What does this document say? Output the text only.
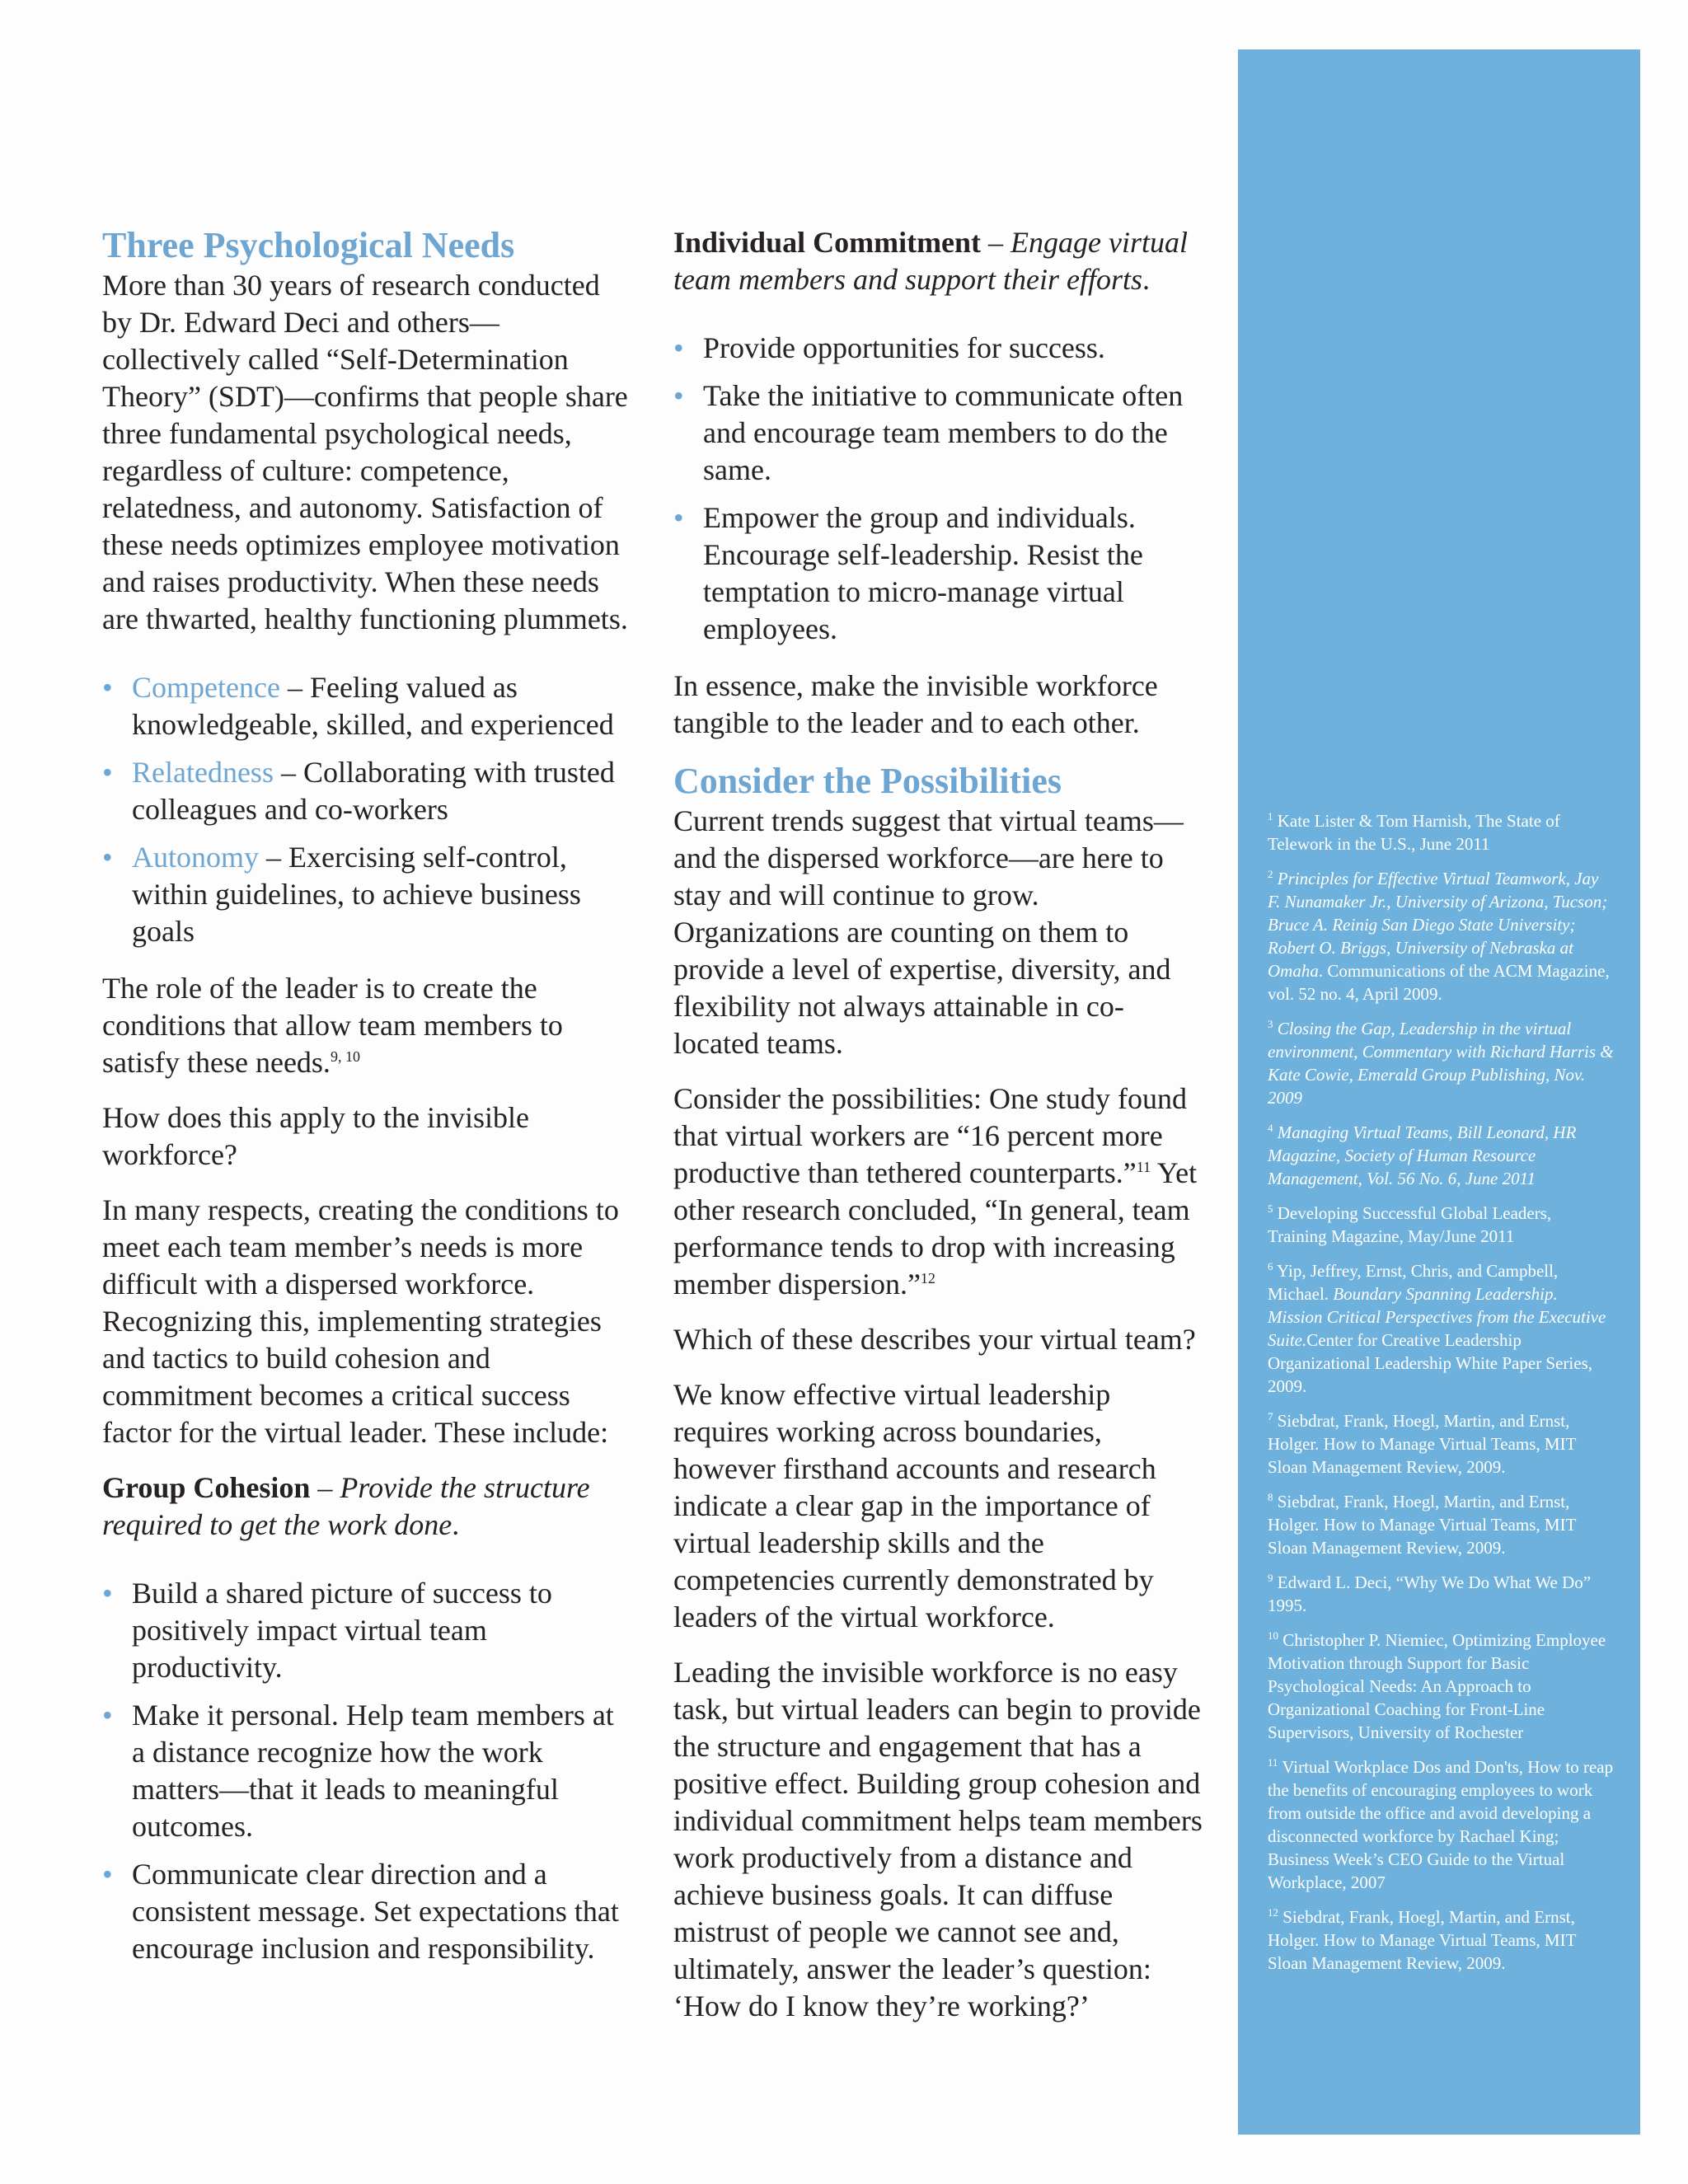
Three Psychological Needs

More than 30 years of research conducted by Dr. Edward Deci and others—collectively called “Self-Determination Theory” (SDT)—confirms that people share three fundamental psychological needs, regardless of culture: competence, relatedness, and autonomy. Satisfaction of these needs optimizes employee motivation and raises productivity. When these needs are thwarted, healthy functioning plummets.

• Competence – Feeling valued as knowledgeable, skilled, and experienced
• Relatedness – Collaborating with trusted colleagues and co-workers
• Autonomy – Exercising self-control, within guidelines, to achieve business goals

The role of the leader is to create the conditions that allow team members to satisfy these needs.$^{9, 10}$

How does this apply to the invisible workforce?

In many respects, creating the conditions to meet each team member’s needs is more difficult with a dispersed workforce. Recognizing this, implementing strategies and tactics to build cohesion and commitment becomes a critical success factor for the virtual leader. These include:

Group Cohesion – Provide the structure required to get the work done.

• Build a shared picture of success to positively impact virtual team productivity.
• Make it personal. Help team members at a distance recognize how the work matters—that it leads to meaningful outcomes.
• Communicate clear direction and a consistent message. Set expectations that encourage inclusion and responsibility.

Individual Commitment – Engage virtual team members and support their efforts.

• Provide opportunities for success.
• Take the initiative to communicate often and encourage team members to do the same.
• Empower the group and individuals. Encourage self-leadership. Resist the temptation to micro-manage virtual employees.

In essence, make the invisible workforce tangible to the leader and to each other.

Consider the Possibilities

Current trends suggest that virtual teams—and the dispersed workforce—are here to stay and will continue to grow. Organizations are counting on them to provide a level of expertise, diversity, and flexibility not always attainable in co-located teams.

Consider the possibilities: One study found that virtual workers are “16 percent more productive than tethered counterparts.”$^{11}$ Yet other research concluded, “In general, team performance tends to drop with increasing member dispersion.”$^{12}$

Which of these describes your virtual team?

We know effective virtual leadership requires working across boundaries, however firsthand accounts and research indicate a clear gap in the importance of virtual leadership skills and the competencies currently demonstrated by leaders of the virtual workforce.

Leading the invisible workforce is no easy task, but virtual leaders can begin to provide the structure and engagement that has a positive effect. Building group cohesion and individual commitment helps team members work productively from a distance and achieve business goals. It can diffuse mistrust of people we cannot see and, ultimately, answer the leader’s question: ‘How do I know they’re working?’

$^1$ Kate Lister & Tom Harnish, The State of Telework in the U.S., June 2011

$^2$ Principles for Effective Virtual Teamwork, Jay F. Nunamaker Jr., University of Arizona, Tucson; Bruce A. Reinig San Diego State University; Robert O. Briggs, University of Nebraska at Omaha. Communications of the ACM Magazine, vol. 52 no. 4, April 2009.

$^3$ Closing the Gap, Leadership in the virtual environment, Commentary with Richard Harris & Kate Cowie, Emerald Group Publishing, Nov. 2009

$^4$ Managing Virtual Teams, Bill Leonard, HR Magazine, Society of Human Resource Management, Vol. 56 No. 6, June 2011

$^5$ Developing Successful Global Leaders, Training Magazine, May/June 2011

$^6$ Yip, Jeffrey, Ernst, Chris, and Campbell, Michael. Boundary Spanning Leadership. Mission Critical Perspectives from the Executive Suite.Center for Creative Leadership Organizational Leadership White Paper Series, 2009.

$^7$ Siebdrat, Frank, Hoegl, Martin, and Ernst, Holger. How to Manage Virtual Teams, MIT Sloan Management Review, 2009.

$^8$ Siebdrat, Frank, Hoegl, Martin, and Ernst, Holger. How to Manage Virtual Teams, MIT Sloan Management Review, 2009.

$^9$ Edward L. Deci, “Why We Do What We Do” 1995.

$^{10}$ Christopher P. Niemiec, Optimizing Employee Motivation through Support for Basic Psychological Needs: An Approach to Organizational Coaching for Front-Line Supervisors, University of Rochester

$^{11}$ Virtual Workplace Dos and Don'ts, How to reap the benefits of encouraging employees to work from outside the office and avoid developing a disconnected workforce by Rachael King; Business Week’s CEO Guide to the Virtual Workplace, 2007

$^{12}$ Siebdrat, Frank, Hoegl, Martin, and Ernst, Holger. How to Manage Virtual Teams, MIT Sloan Management Review, 2009.
